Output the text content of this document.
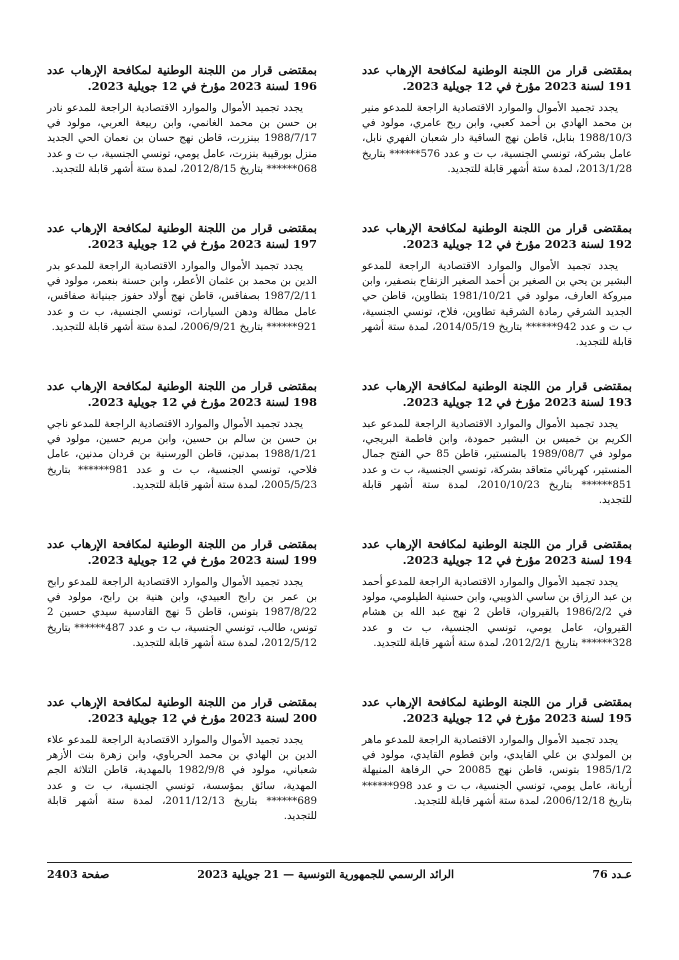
بمقتضى قرار من اللجنة الوطنية لمكافحة الإرهاب عدد 191 لسنة 2023 مؤرخ في 12 جويلية 2023.

يجدد تجميد الأموال والموارد الاقتصادية الراجعة للمدعو منير بن محمد الهادي بن أحمد كعبي، وابن ربح عامري، مولود في 1988/10/3 بنابل، قاطن نهج الساقية دار شعبان الفهري نابل، عامل بشركة، تونسي الجنسية، ب ت و عدد 576****** بتاريخ 2013/1/28، لمدة ستة أشهر قابلة للتجديد.

بمقتضى قرار من اللجنة الوطنية لمكافحة الإرهاب عدد 192 لسنة 2023 مؤرخ في 12 جويلية 2023.

يجدد تجميد الأموال والموارد الاقتصادية الراجعة للمدعو البشير بن يحي بن الصغير بن أحمد الصغير الزنقاح بنصفير، وابن مبروكة العارف، مولود في 1981/10/21 بتطاوين، قاطن حي الجديد الشرقي رمادة الشرقية تطاوين، فلاح، تونسي الجنسية، ب ت و عدد 942****** بتاريخ 2014/05/19، لمدة ستة أشهر قابلة للتجديد.

بمقتضى قرار من اللجنة الوطنية لمكافحة الإرهاب عدد 193 لسنة 2023 مؤرخ في 12 جويلية 2023.

يجدد تجميد الأموال والموارد الاقتصادية الراجعة للمدعو عبد الكريم بن خميس بن البشير حمودة، وابن فاطمة البريجي، مولود في 1989/08/7 بالمنستير، قاطن 85 حي الفتح جمال المنستير، كهربائي متعاقد بشركة، تونسي الجنسية، ب ت و عدد 851****** بتاريخ 2010/10/23، لمدة ستة أشهر قابلة للتجديد.

بمقتضى قرار من اللجنة الوطنية لمكافحة الإرهاب عدد 194 لسنة 2023 مؤرخ في 12 جويلية 2023.

يجدد تجميد الأموال والموارد الاقتصادية الراجعة للمدعو أحمد بن عبد الرزاق بن ساسي الذويبي، وابن حسنية الطيلومي، مولود في 1986/2/2 بالقيروان، قاطن 2 نهج عبد الله بن هشام القيروان، عامل يومي، تونسي الجنسية، ب ت و عدد 328****** بتاريخ 2012/2/1، لمدة ستة أشهر قابلة للتجديد.

بمقتضى قرار من اللجنة الوطنية لمكافحة الإرهاب عدد 195 لسنة 2023 مؤرخ في 12 جويلية 2023.

يجدد تجميد الأموال والموارد الاقتصادية الراجعة للمدعو ماهر بن المولدي بن علي القايدي، وابن فطوم القايدي، مولود في 1985/1/2 بتونس، قاطن نهج 20085 حي الرفاهة المنيهلة أريانة، عامل يومي، تونسي الجنسية، ب ت و عدد 998****** بتاريخ 2006/12/18، لمدة ستة أشهر قابلة للتجديد.

بمقتضى قرار من اللجنة الوطنية لمكافحة الإرهاب عدد 196 لسنة 2023 مؤرخ في 12 جويلية 2023.

يجدد تجميد الأموال والموارد الاقتصادية الراجعة للمدعو نادر بن حسن بن محمد الغانمي، وابن ربيعة العربي، مولود في 1988/7/17 ببنزرت، قاطن نهج حسان بن نعمان الحي الجديد منزل بورقيبة بنزرت، عامل يومي، تونسي الجنسية، ب ت و عدد 068****** بتاريخ 2012/8/15، لمدة ستة أشهر قابلة للتجديد.

بمقتضى قرار من اللجنة الوطنية لمكافحة الإرهاب عدد 197 لسنة 2023 مؤرخ في 12 جويلية 2023.

يجدد تجميد الأموال والموارد الاقتصادية الراجعة للمدعو بدر الدين بن محمد بن عثمان الأعطر، وابن حسنة بنعمر، مولود في 1987/2/11 بصفاقس، قاطن نهج أولاد حفوز جبنيانة صفاقس، عامل مطالة ودهن السيارات، تونسي الجنسية، ب ت و عدد 921****** بتاريخ 2006/9/21، لمدة ستة أشهر قابلة للتجديد.

بمقتضى قرار من اللجنة الوطنية لمكافحة الإرهاب عدد 198 لسنة 2023 مؤرخ في 12 جويلية 2023.

يجدد تجميد الأموال والموارد الاقتصادية الراجعة للمدعو ناجي بن حسن بن سالم بن حسين، وابن مريم حسين، مولود في 1988/1/21 بمدنين، قاطن الورسنية بن قردان مدنين، عامل فلاحي، تونسي الجنسية، ب ت و عدد 981****** بتاريخ 2005/5/23، لمدة ستة أشهر قابلة للتجديد.

بمقتضى قرار من اللجنة الوطنية لمكافحة الإرهاب عدد 199 لسنة 2023 مؤرخ في 12 جويلية 2023.

يجدد تجميد الأموال والموارد الاقتصادية الراجعة للمدعو رابح بن عمر بن رابح العبيدي، وابن هنية بن رابح، مولود في 1987/8/22 بتونس، قاطن 5 نهج القادسية سيدي حسين 2 تونس، طالب، تونسي الجنسية، ب ت و عدد 487****** بتاريخ 2012/5/12، لمدة ستة أشهر قابلة للتجديد.

بمقتضى قرار من اللجنة الوطنية لمكافحة الإرهاب عدد 200 لسنة 2023 مؤرخ في 12 جويلية 2023.

يجدد تجميد الأموال والموارد الاقتصادية الراجعة للمدعو علاء الدين بن الهادي بن محمد الحرباوي، وابن زهرة بنت الأزهر شعباني، مولود في 1982/9/8 بالمهدية، قاطن التلاثة الجم المهدية، سائق بمؤسسة، تونسي الجنسية، ب ت و عدد 689****** بتاريخ 2011/12/13، لمدة ستة أشهر قابلة للتجديد.

عـدد 76
الرائد الرسمي للجمهورية التونسية — 21 جويلية 2023
صفحة 2403
